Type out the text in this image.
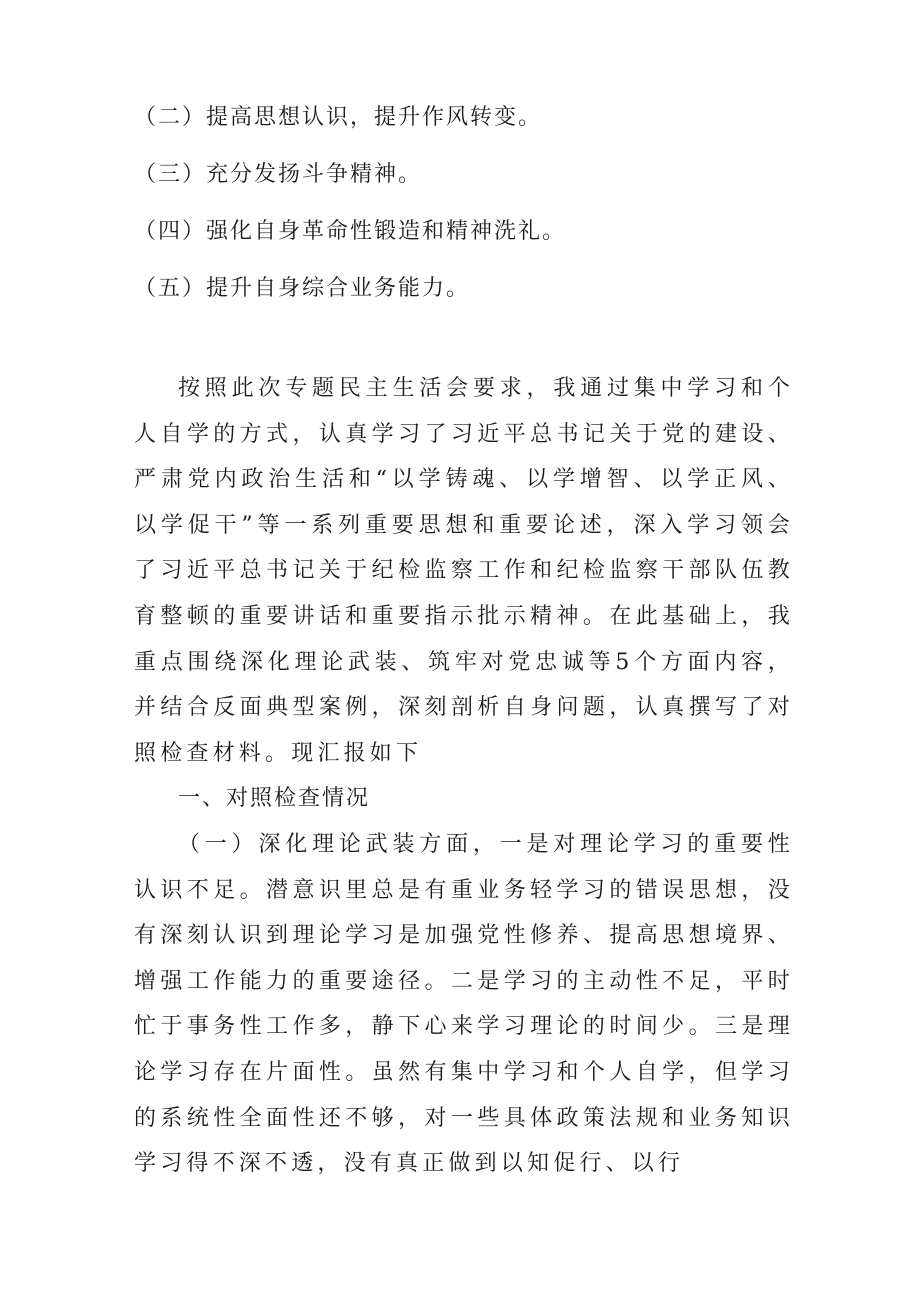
（二）提高思想认识，提升作风转变。
（三）充分发扬斗争精神。
（四）强化自身革命性锻造和精神洗礼。
（五）提升自身综合业务能力。

按照此次专题民主生活会要求，我通过集中学习和个人自学的方式，认真学习了习近平总书记关于党的建设、严肃党内政治生活和“以学铸魂、以学增智、以学正风、以学促干”等一系列重要思想和重要论述，深入学习领会了习近平总书记关于纪检监察工作和纪检监察干部队伍教育整顿的重要讲话和重要指示批示精神。在此基础上，我重点围绕深化理论武装、筑牢对党忠诚等5个方面内容，并结合反面典型案例，深刻剖析自身问题，认真撰写了对照检查材料。现汇报如下

一、对照检查情况

（一）深化理论武装方面，一是对理论学习的重要性认识不足。潜意识里总是有重业务轻学习的错误思想，没有深刻认识到理论学习是加强党性修养、提高思想境界、增强工作能力的重要途径。二是学习的主动性不足，平时忙于事务性工作多，静下心来学习理论的时间少。三是理论学习存在片面性。虽然有集中学习和个人自学，但学习的系统性全面性还不够，对一些具体政策法规和业务知识学习得不深不透，没有真正做到以知促行、以行
